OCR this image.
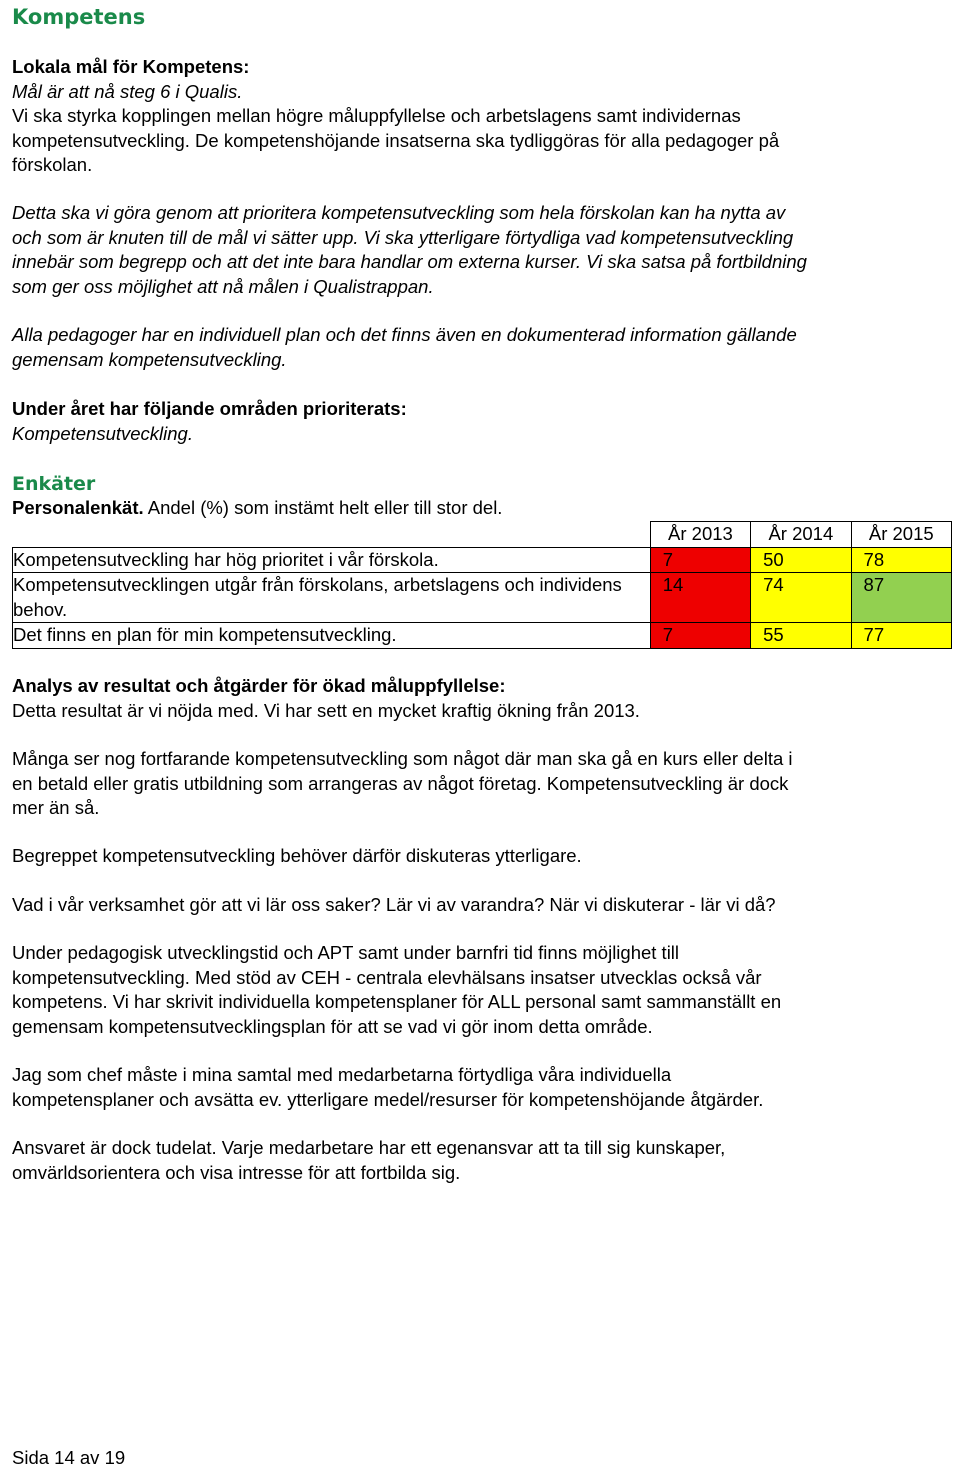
Kompetens

Lokala mål för Kompetens:

Mål är att nå steg 6 i Qualis.

Vi ska styrka kopplingen mellan högre måluppfyllelse och arbetslagens samt individernas

kompetensutveckling. De kompetenshöjande insatserna ska tydliggöras för alla pedagoger på

förskolan.

Detta ska vi göra genom att prioritera kompetensutveckling som hela förskolan kan ha nytta av

och som är knuten till de mål vi sätter upp. Vi ska ytterligare förtydliga vad kompetensutveckling

innebär som begrepp och att det inte bara handlar om externa kurser. Vi ska satsa på fortbildning

som ger oss möjlighet att nå målen i Qualistrappan.

Alla pedagoger har en individuell plan och det finns även en dokumenterad information gällande

gemensam kompetensutveckling.

Under året har följande områden prioriterats:

Kompetensutveckling.

Enkäter

Personalenkät. Andel (%) som instämt helt eller till stor del.

	År 2013	År 2014	År 2015
Kompetensutveckling har hög prioritet i vår förskola.	7	50	78
Kompetensutvecklingen utgår från förskolans, arbetslagens och individens behov.	14	74	87
Det finns en plan för min kompetensutveckling.	7	55	77

Analys av resultat och åtgärder för ökad måluppfyllelse:

Detta resultat är vi nöjda med. Vi har sett en mycket kraftig ökning från 2013.

Många ser nog fortfarande kompetensutveckling som något där man ska gå en kurs eller delta i

en betald eller gratis utbildning som arrangeras av något företag. Kompetensutveckling är dock

mer än så.

Begreppet kompetensutveckling behöver därför diskuteras ytterligare.

Vad i vår verksamhet gör att vi lär oss saker? Lär vi av varandra? När vi diskuterar - lär vi då?

Under pedagogisk utvecklingstid och APT samt under barnfri tid finns möjlighet till

kompetensutveckling. Med stöd av CEH - centrala elevhälsans insatser utvecklas också vår

kompetens. Vi har skrivit individuella kompetensplaner för ALL personal samt sammanställt en

gemensam kompetensutvecklingsplan för att se vad vi gör inom detta område.

Jag som chef måste i mina samtal med medarbetarna förtydliga våra individuella

kompetensplaner och avsätta ev. ytterligare medel/resurser för kompetenshöjande åtgärder.

Ansvaret är dock tudelat. Varje medarbetare har ett egenansvar att ta till sig kunskaper,

omvärldsorientera och visa intresse för att fortbilda sig.

Sida 14 av 19
